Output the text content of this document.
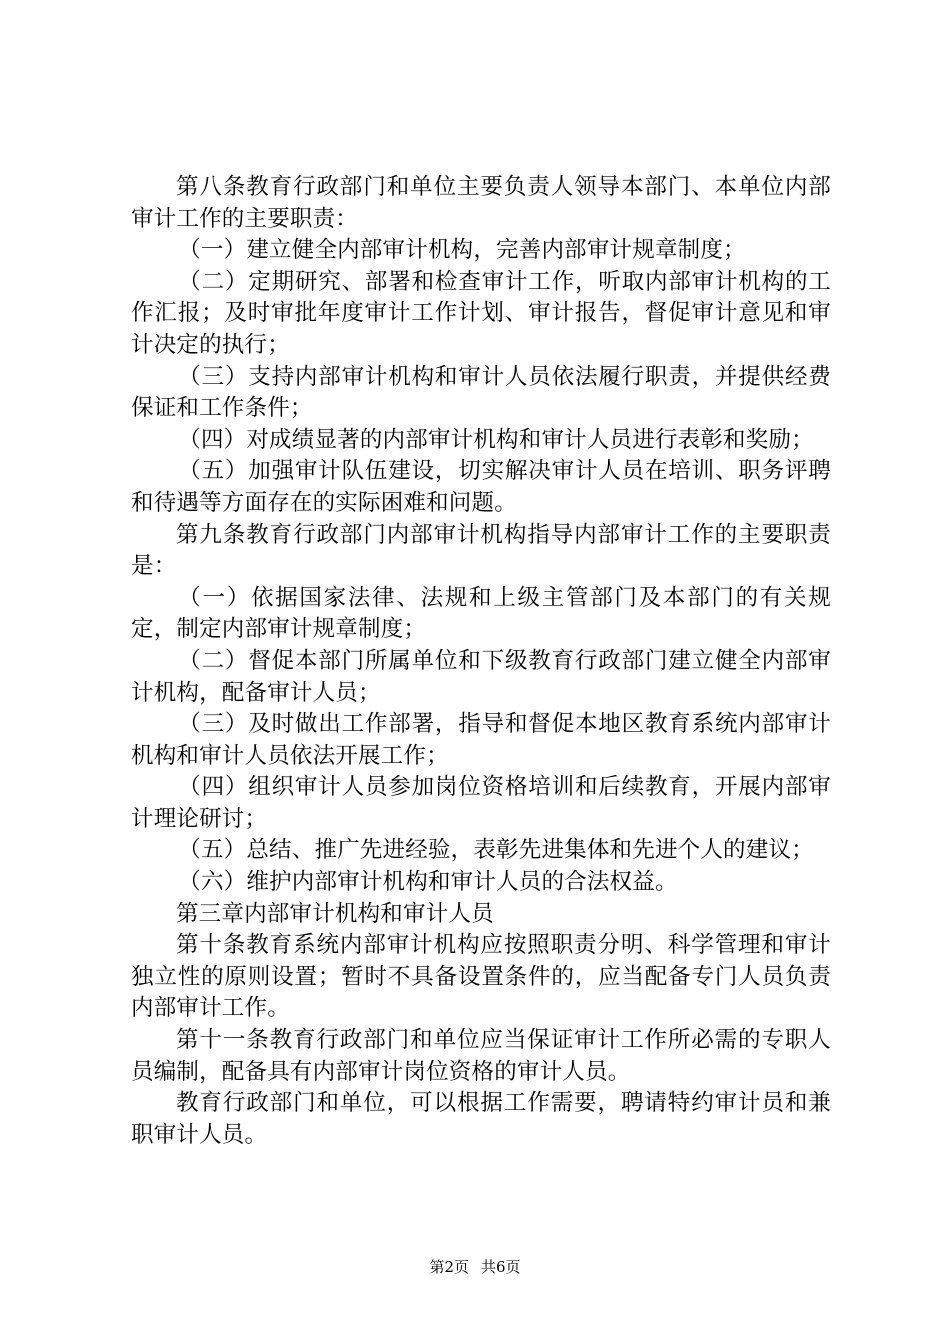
第八条教育行政部门和单位主要负责人领导本部门、本单位内部审计工作的主要职责：

（一）建立健全内部审计机构，完善内部审计规章制度；

（二）定期研究、部署和检查审计工作，听取内部审计机构的工作汇报；及时审批年度审计工作计划、审计报告，督促审计意见和审计决定的执行；

（三）支持内部审计机构和审计人员依法履行职责，并提供经费保证和工作条件；

（四）对成绩显著的内部审计机构和审计人员进行表彰和奖励；

（五）加强审计队伍建设，切实解决审计人员在培训、职务评聘和待遇等方面存在的实际困难和问题。

第九条教育行政部门内部审计机构指导内部审计工作的主要职责是：

（一）依据国家法律、法规和上级主管部门及本部门的有关规定，制定内部审计规章制度；

（二）督促本部门所属单位和下级教育行政部门建立健全内部审计机构，配备审计人员；

（三）及时做出工作部署，指导和督促本地区教育系统内部审计机构和审计人员依法开展工作；

（四）组织审计人员参加岗位资格培训和后续教育，开展内部审计理论研讨；

（五）总结、推广先进经验，表彰先进集体和先进个人的建议；

（六）维护内部审计机构和审计人员的合法权益。

第三章内部审计机构和审计人员

第十条教育系统内部审计机构应按照职责分明、科学管理和审计独立性的原则设置；暂时不具备设置条件的，应当配备专门人员负责内部审计工作。

第十一条教育行政部门和单位应当保证审计工作所必需的专职人员编制，配备具有内部审计岗位资格的审计人员。

教育行政部门和单位，可以根据工作需要，聘请特约审计员和兼职审计人员。

第2页 共6页
